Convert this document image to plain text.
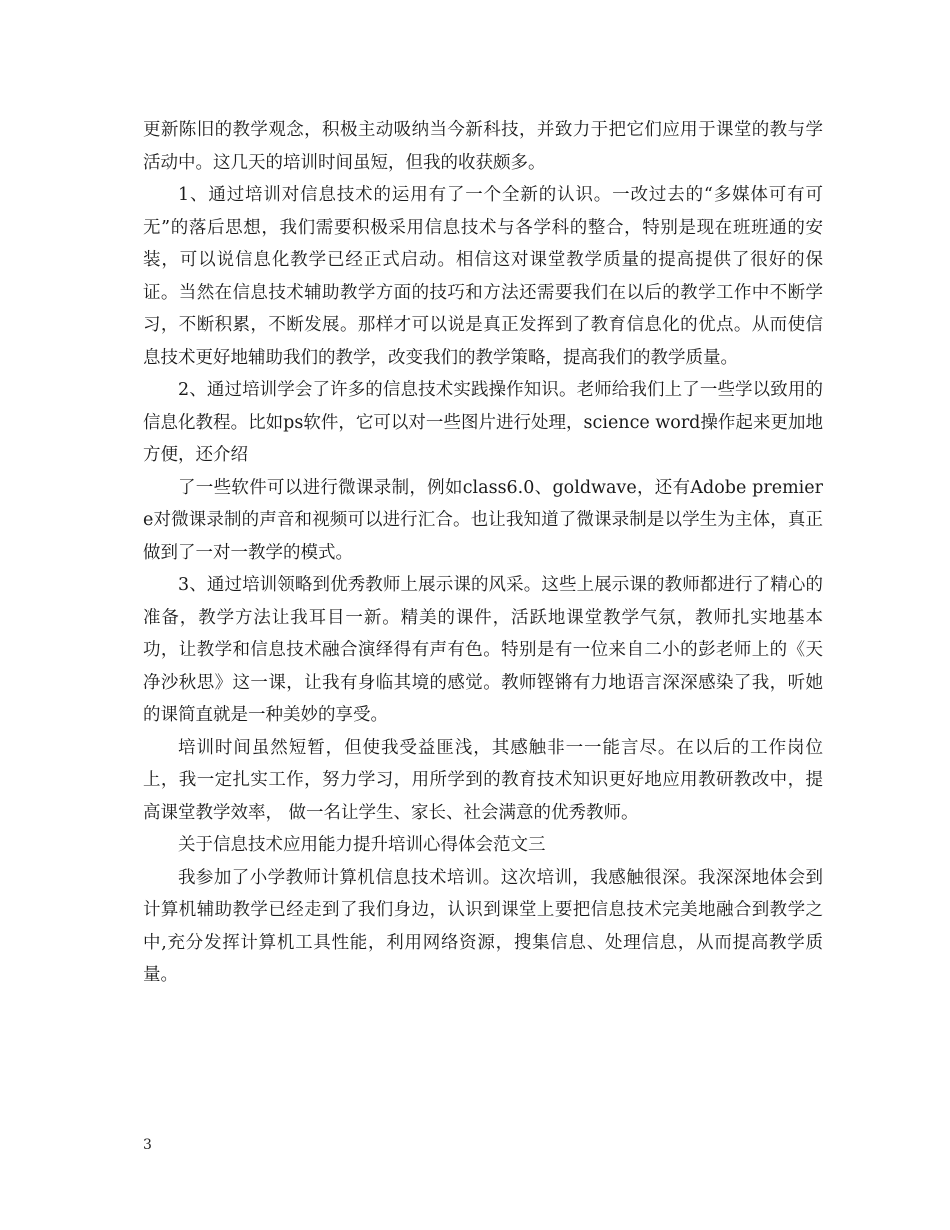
更新陈旧的教学观念，积极主动吸纳当今新科技，并致力于把它们应用于课堂的教与学活动中。这几天的培训时间虽短，但我的收获颇多。

1、通过培训对信息技术的运用有了一个全新的认识。一改过去的“多媒体可有可无”的落后思想，我们需要积极采用信息技术与各学科的整合，特别是现在班班通的安装，可以说信息化教学已经正式启动。相信这对课堂教学质量的提高提供了很好的保证。当然在信息技术辅助教学方面的技巧和方法还需要我们在以后的教学工作中不断学习，不断积累，不断发展。那样才可以说是真正发挥到了教育信息化的优点。从而使信息技术更好地辅助我们的教学，改变我们的教学策略，提高我们的教学质量。

2、通过培训学会了许多的信息技术实践操作知识。老师给我们上了一些学以致用的信息化教程。比如ps软件，它可以对一些图片进行处理，science word操作起来更加地方便，还介绍

了一些软件可以进行微课录制，例如class6.0、goldwave，还有Adobe premiere对微课录制的声音和视频可以进行汇合。也让我知道了微课录制是以学生为主体，真正做到了一对一教学的模式。

3、通过培训领略到优秀教师上展示课的风采。这些上展示课的教师都进行了精心的准备，教学方法让我耳目一新。精美的课件，活跃地课堂教学气氛，教师扎实地基本功，让教学和信息技术融合演绎得有声有色。特别是有一位来自二小的彭老师上的《天净沙秋思》这一课，让我有身临其境的感觉。教师铿锵有力地语言深深感染了我，听她的课简直就是一种美妙的享受。

培训时间虽然短暂，但使我受益匪浅，其感触非一一能言尽。在以后的工作岗位上，我一定扎实工作，努力学习，用所学到的教育技术知识更好地应用教研教改中，提高课堂教学效率， 做一名让学生、家长、社会满意的优秀教师。

关于信息技术应用能力提升培训心得体会范文三

我参加了小学教师计算机信息技术培训。这次培训，我感触很深。我深深地体会到计算机辅助教学已经走到了我们身边，认识到课堂上要把信息技术完美地融合到教学之中,充分发挥计算机工具性能，利用网络资源，搜集信息、处理信息，从而提高教学质量。

3
